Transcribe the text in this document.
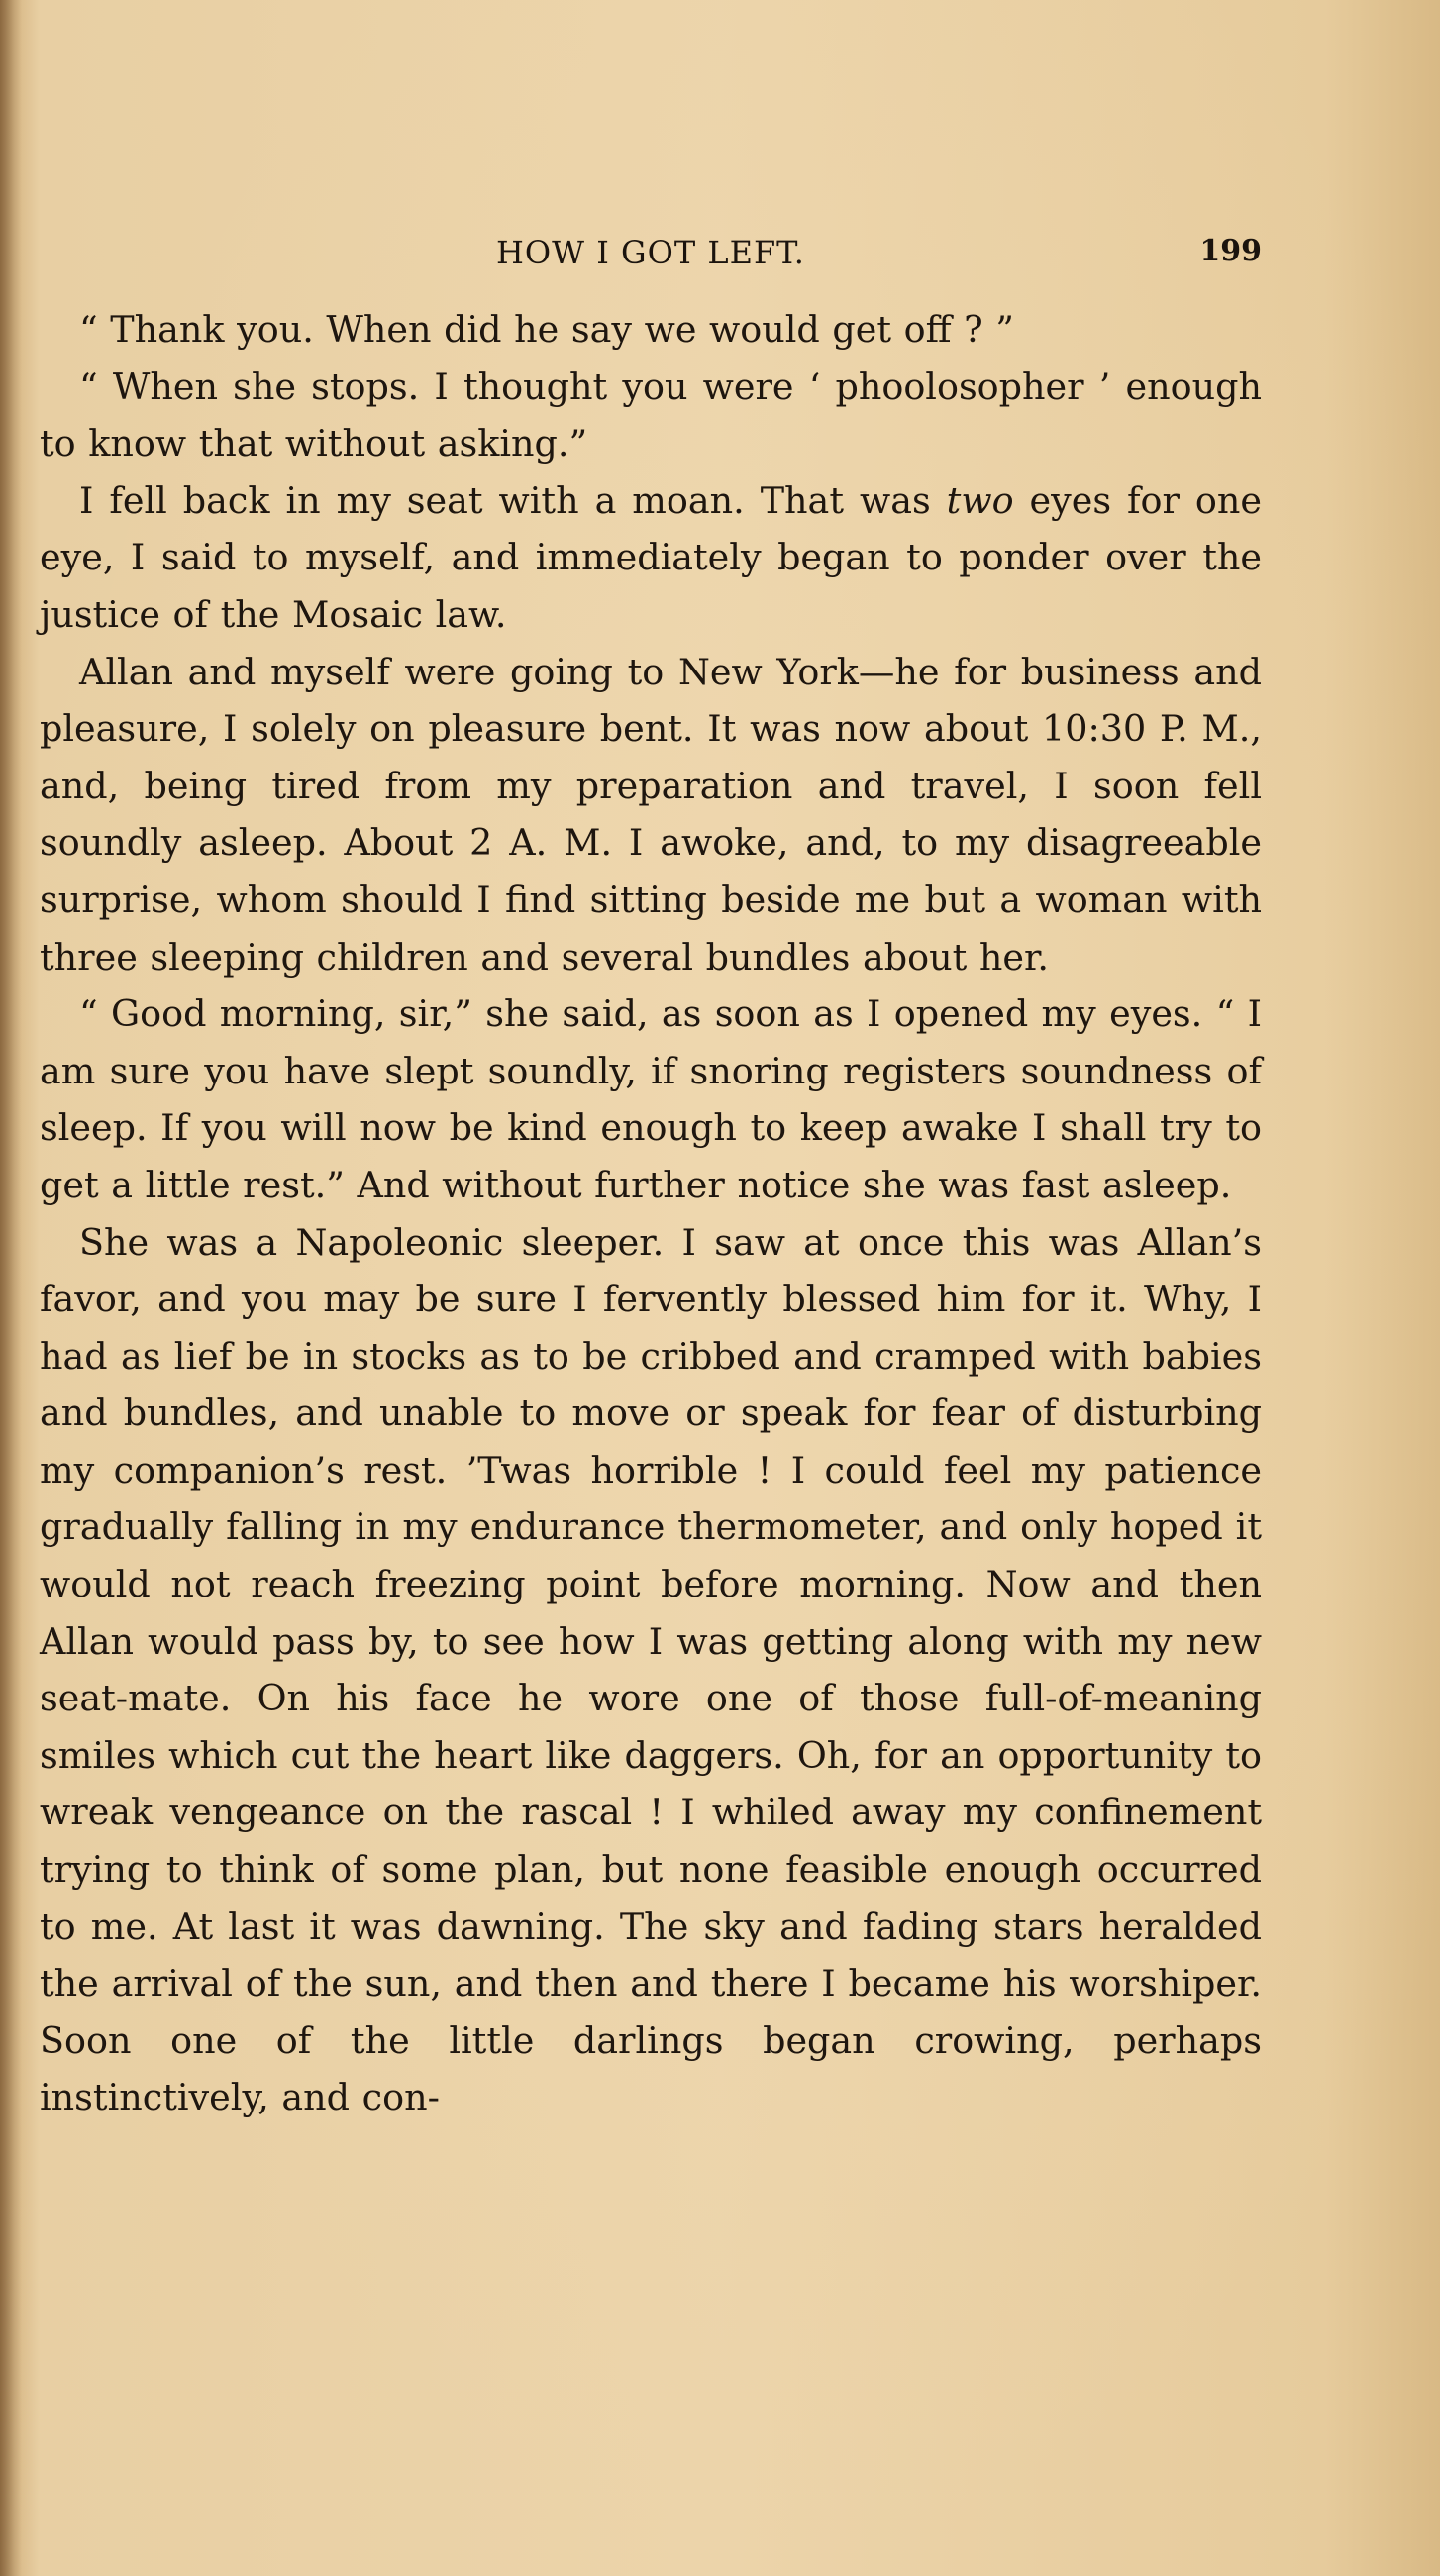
HOW I GOT LEFT.	199

“ Thank you. When did he say we would get off ? ”

“ When she stops. I thought you were ‘ phoolosopher ’ enough to know that without asking.”

I fell back in my seat with a moan. That was two eyes for one eye, I said to myself, and immediately began to ponder over the justice of the Mosaic law.

Allan and myself were going to New York—he for business and pleasure, I solely on pleasure bent. It was now about 10:30 P. M., and, being tired from my preparation and travel, I soon fell soundly asleep. About 2 A. M. I awoke, and, to my disagreeable surprise, whom should I find sitting beside me but a woman with three sleeping children and several bundles about her.

“ Good morning, sir,” she said, as soon as I opened my eyes. “ I am sure you have slept soundly, if snoring registers soundness of sleep. If you will now be kind enough to keep awake I shall try to get a little rest.” And without further notice she was fast asleep.

She was a Napoleonic sleeper. I saw at once this was Allan’s favor, and you may be sure I fervently blessed him for it. Why, I had as lief be in stocks as to be cribbed and cramped with babies and bundles, and unable to move or speak for fear of disturbing my companion’s rest. ’Twas horrible ! I could feel my patience gradually falling in my endurance thermometer, and only hoped it would not reach freezing point before morning. Now and then Allan would pass by, to see how I was getting along with my new seat-mate. On his face he wore one of those full-of-meaning smiles which cut the heart like daggers. Oh, for an opportunity to wreak vengeance on the rascal ! I whiled away my confinement trying to think of some plan, but none feasible enough occurred to me. At last it was dawning. The sky and fading stars heralded the arrival of the sun, and then and there I became his worshiper. Soon one of the little darlings began crowing, perhaps instinctively, and con-
